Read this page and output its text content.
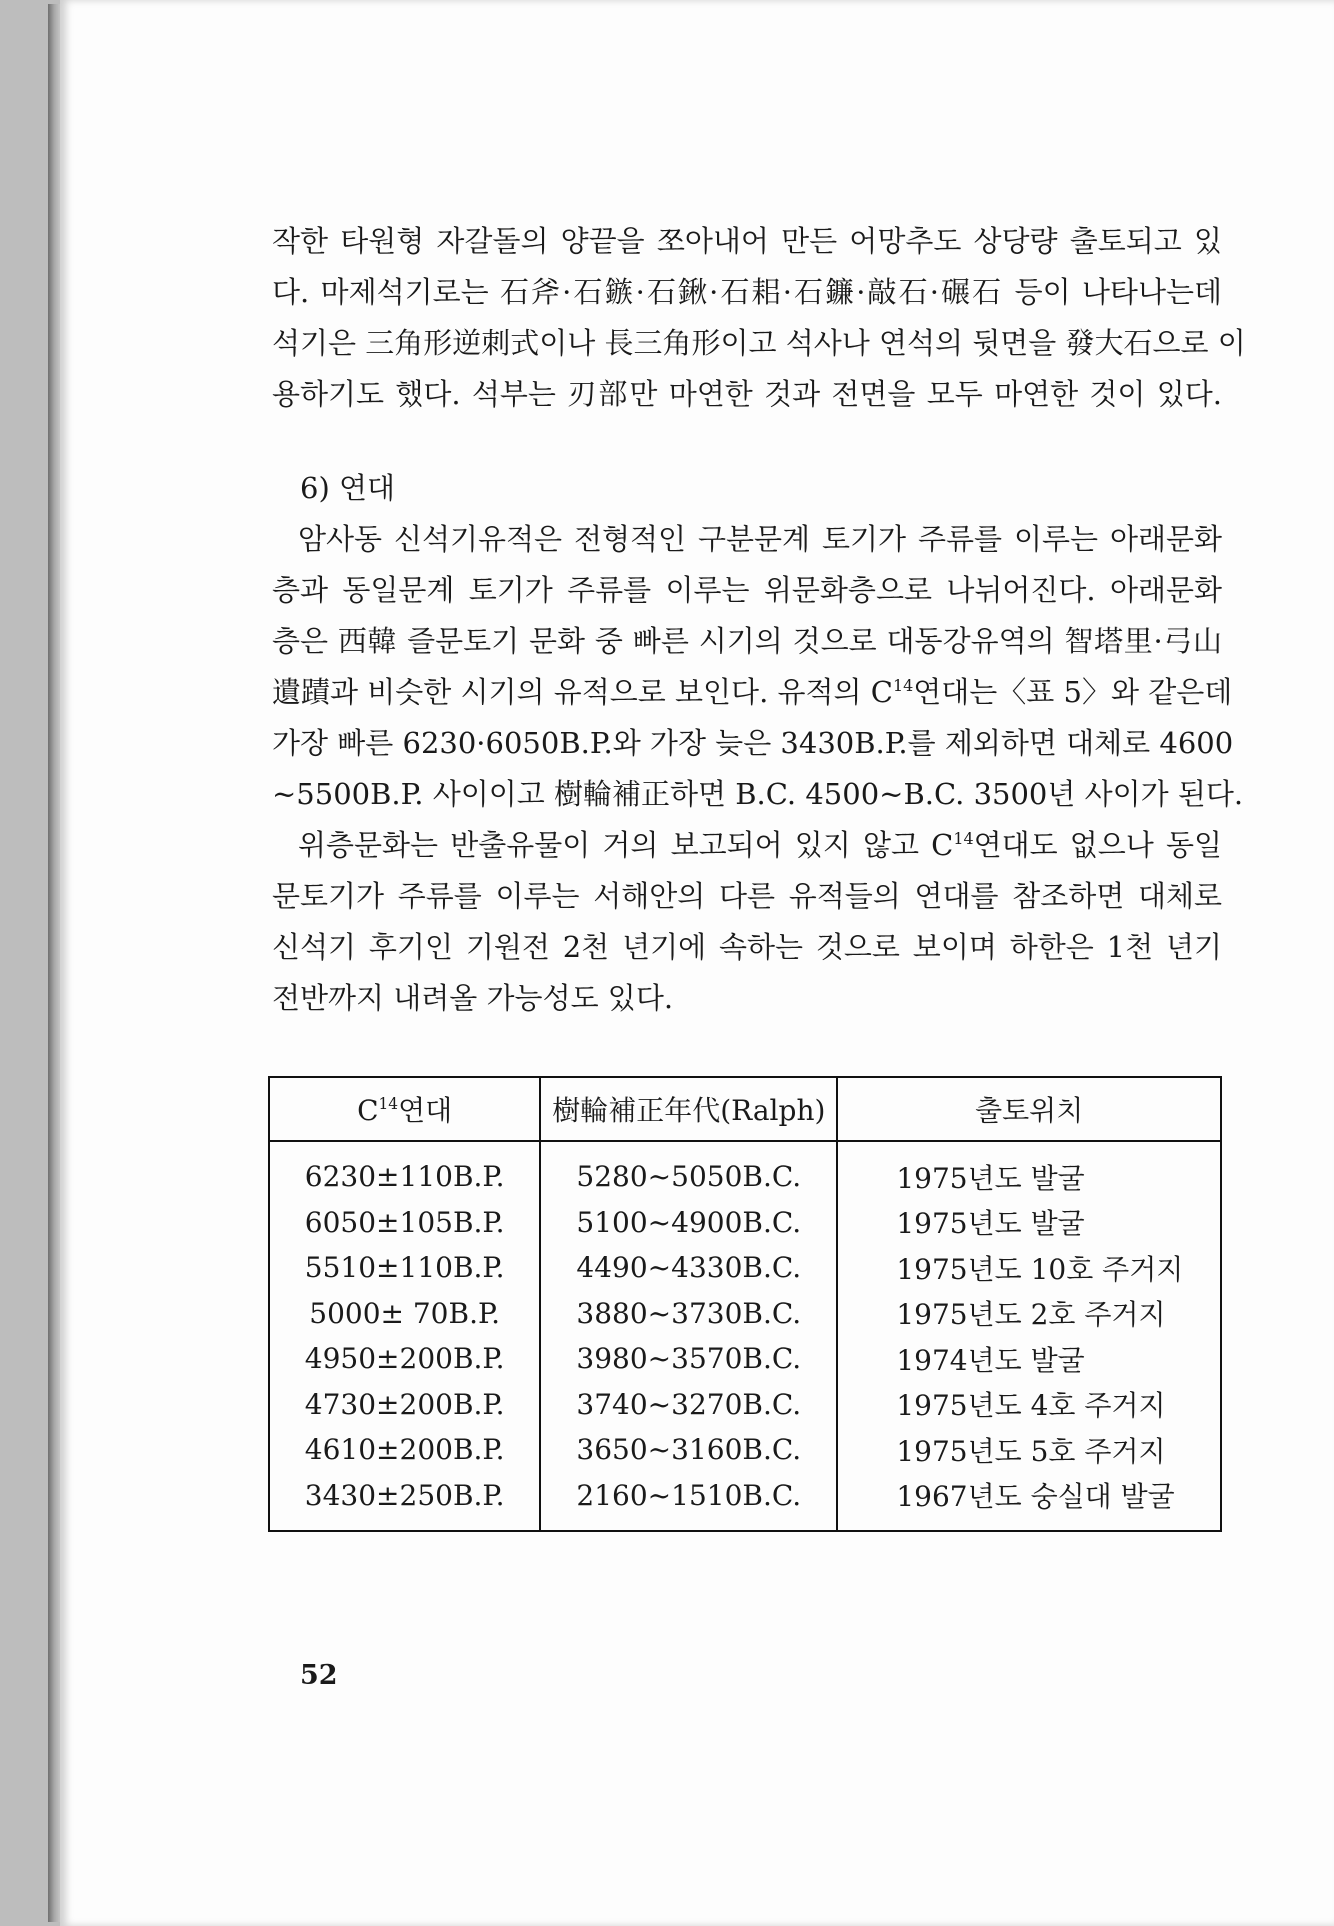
작한 타원형 자갈돌의 양끝을 쪼아내어 만든 어망추도 상당량 출토되고 있
다. 마제석기로는 石斧·石鏃·石鍬·石耜·石鐮·敲石·碾石 등이 나타나는데
석기은 三角形逆刺式이나 長三角形이고 석사나 연석의 뒷면을 發大石으로 이
용하기도 했다. 석부는 刃部만 마연한 것과 전면을 모두 마연한 것이 있다.

6) 연대

암사동 신석기유적은 전형적인 구분문계 토기가 주류를 이루는 아래문화
층과 동일문계 토기가 주류를 이루는 위문화층으로 나뉘어진다. 아래문화
층은 西韓 즐문토기 문화 중 빠른 시기의 것으로 대동강유역의 智塔里·弓山
遺蹟과 비슷한 시기의 유적으로 보인다. 유적의 $C^{14}$연대는〈표 5〉와 같은데
가장 빠른 6230·6050B.P.와 가장 늦은 3430B.P.를 제외하면 대체로 4600
~5500B.P. 사이이고 樹輪補正하면 B.C. 4500~B.C. 3500년 사이가 된다.

위층문화는 반출유물이 거의 보고되어 있지 않고 $C^{14}$연대도 없으나 동일
문토기가 주류를 이루는 서해안의 다른 유적들의 연대를 참조하면 대체로
신석기 후기인 기원전 2천 년기에 속하는 것으로 보이며 하한은 1천 년기
전반까지 내려올 가능성도 있다.

$C^{14}$연대	樹輪補正年代(Ralph)	출토위치
6230±110B.P.	5280~5050B.C.	1975년도 발굴
6050±105B.P.	5100~4900B.C.	1975년도 발굴
5510±110B.P.	4490~4330B.C.	1975년도 10호 주거지
5000± 70B.P.	3880~3730B.C.	1975년도 2호 주거지
4950±200B.P.	3980~3570B.C.	1974년도 발굴
4730±200B.P.	3740~3270B.C.	1975년도 4호 주거지
4610±200B.P.	3650~3160B.C.	1975년도 5호 주거지
3430±250B.P.	2160~1510B.C.	1967년도 숭실대 발굴
52
